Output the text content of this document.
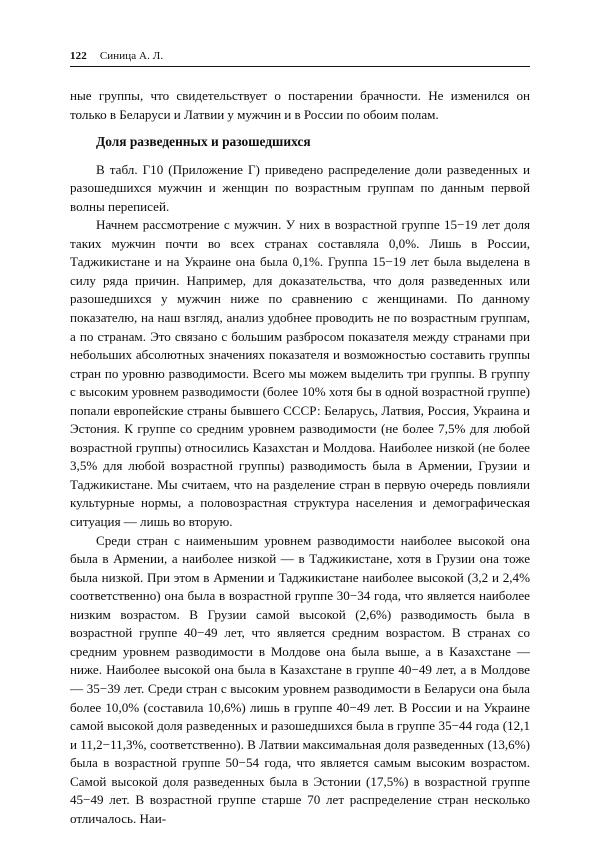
122 Синица А. Л.

ные группы, что свидетельствует о постарении брачности. Не изменился он только в Беларуси и Латвии у мужчин и в России по обоим полам.

Доля разведенных и разошедшихся

В табл. Г10 (Приложение Г) приведено распределение доли разведенных и разошедшихся мужчин и женщин по возрастным группам по данным первой волны переписей.

Начнем рассмотрение с мужчин. У них в возрастной группе 15−19 лет доля таких мужчин почти во всех странах составляла 0,0%. Лишь в России, Таджикистане и на Украине она была 0,1%. Группа 15−19 лет была выделена в силу ряда причин. Например, для доказательства, что доля разведенных или разошедшихся у мужчин ниже по сравнению с женщинами. По данному показателю, на наш взгляд, анализ удобнее проводить не по возрастным группам, а по странам. Это связано с большим разбросом показателя между странами при небольших абсолютных значениях показателя и возможностью составить группы стран по уровню разводимости. Всего мы можем выделить три группы. В группу с высоким уровнем разводимости (более 10% хотя бы в одной возрастной группе) попали европейские страны бывшего СССР: Беларусь, Латвия, Россия, Украина и Эстония. К группе со средним уровнем разводимости (не более 7,5% для любой возрастной группы) относились Казахстан и Молдова. Наиболее низкой (не более 3,5% для любой возрастной группы) разводимость была в Армении, Грузии и Таджикистане. Мы считаем, что на разделение стран в первую очередь повлияли культурные нормы, а половозрастная структура населения и демографическая ситуация — лишь во вторую.

Среди стран с наименьшим уровнем разводимости наиболее высокой она была в Армении, а наиболее низкой — в Таджикистане, хотя в Грузии она тоже была низкой. При этом в Армении и Таджикистане наиболее высокой (3,2 и 2,4% соответственно) она была в возрастной группе 30−34 года, что является наиболее низким возрастом. В Грузии самой высокой (2,6%) разводимость была в возрастной группе 40−49 лет, что является средним возрастом. В странах со средним уровнем разводимости в Молдове она была выше, а в Казахстане — ниже. Наиболее высокой она была в Казахстане в группе 40−49 лет, а в Молдове — 35−39 лет. Среди стран с высоким уровнем разводимости в Беларуси она была более 10,0% (составила 10,6%) лишь в группе 40−49 лет. В России и на Украине самой высокой доля разведенных и разошедшихся была в группе 35−44 года (12,1 и 11,2−11,3%, соответственно). В Латвии максимальная доля разведенных (13,6%) была в возрастной группе 50−54 года, что является самым высоким возрастом. Самой высокой доля разведенных была в Эстонии (17,5%) в возрастной группе 45−49 лет. В возрастной группе старше 70 лет распределение стран несколько отличалось. Наи-
